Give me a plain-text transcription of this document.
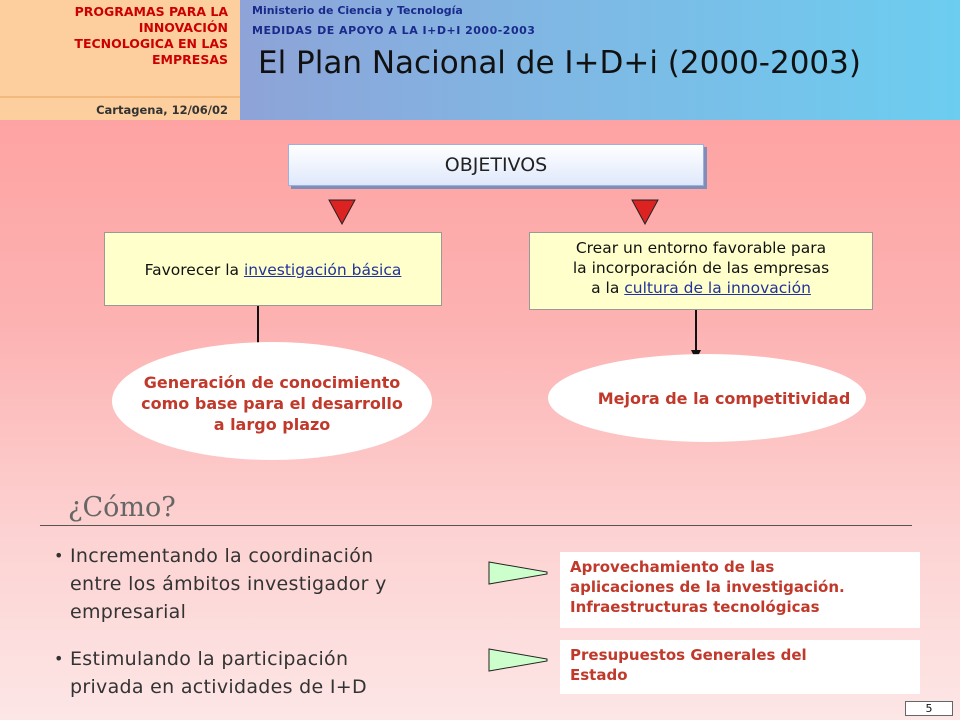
PROGRAMAS PARA LA
INNOVACIÓN
TECNOLOGICA EN LAS
EMPRESAS
Cartagena, 12/06/02
Ministerio de Ciencia y Tecnología
MEDIDAS DE APOYO A LA I+D+I 2000-2003
El Plan Nacional de I+D+i (2000-2003)
OBJETIVOS
Favorecer la investigación básica
Crear un entorno favorable para
la incorporación de las empresas
a la cultura de la innovación
Generación de conocimiento
como base para el desarrollo
a largo plazo
Mejora de la competitividad
¿Cómo?
• Incrementando la coordinación
entre los ámbitos investigador y
empresarial
• Estimulando la participación
privada en actividades de I+D
Aprovechamiento de las
aplicaciones de la investigación.
Infraestructuras tecnológicas
Presupuestos Generales del
Estado
5
